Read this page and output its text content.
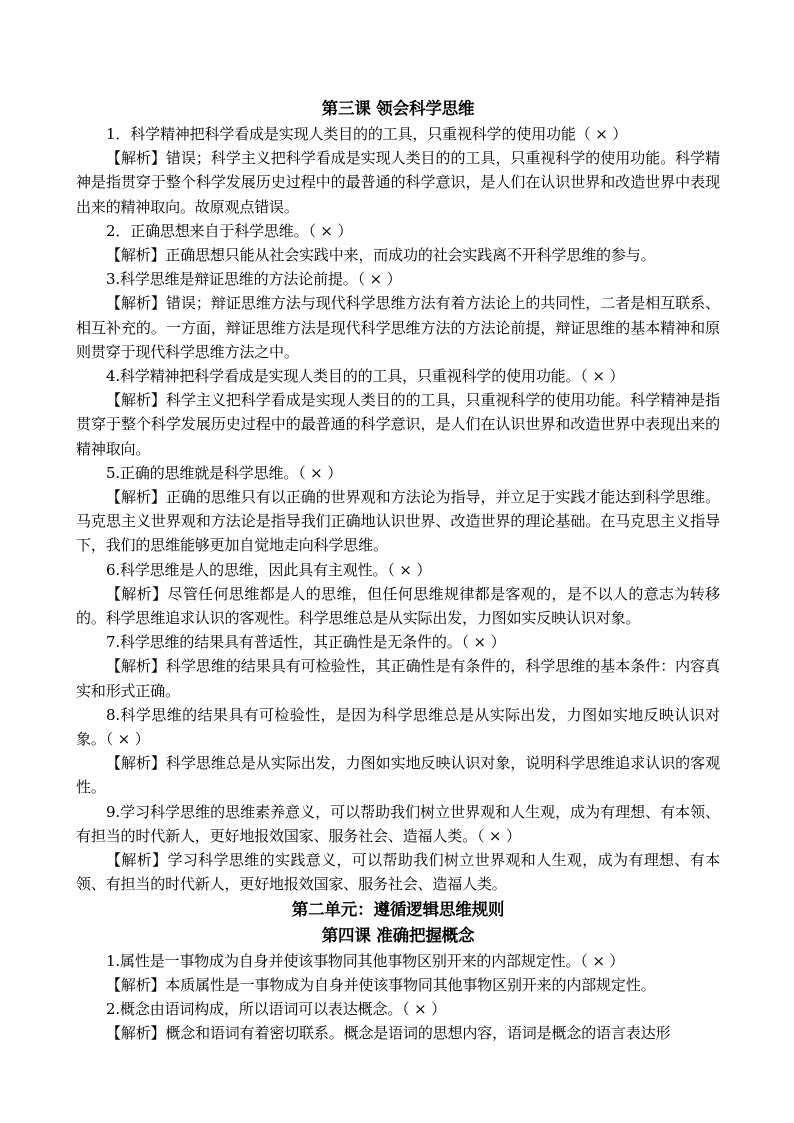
第三课 领会科学思维

1．科学精神把科学看成是实现人类目的的工具，只重视科学的使用功能（ × ）

【解析】错误；科学主义把科学看成是实现人类目的的工具，只重视科学的使用功能。科学精神是指贯穿于整个科学发展历史过程中的最普通的科学意识，是人们在认识世界和改造世界中表现出来的精神取向。故原观点错误。

2．正确思想来自于科学思维。（ × ）

【解析】正确思想只能从社会实践中来，而成功的社会实践离不开科学思维的参与。

3.科学思维是辩证思维的方法论前提。（ × ）

【解析】错误；辩证思维方法与现代科学思维方法有着方法论上的共同性，二者是相互联系、相互补充的。一方面，辩证思维方法是现代科学思维方法的方法论前提，辩证思维的基本精神和原则贯穿于现代科学思维方法之中。

4.科学精神把科学看成是实现人类目的的工具，只重视科学的使用功能。（ × ）

【解析】科学主义把科学看成是实现人类目的的工具，只重视科学的使用功能。科学精神是指贯穿于整个科学发展历史过程中的最普通的科学意识，是人们在认识世界和改造世界中表现出来的精神取向。

5.正确的思维就是科学思维。（ × ）

【解析】正确的思维只有以正确的世界观和方法论为指导，并立足于实践才能达到科学思维。马克思主义世界观和方法论是指导我们正确地认识世界、改造世界的理论基础。在马克思主义指导下，我们的思维能够更加自觉地走向科学思维。

6.科学思维是人的思维，因此具有主观性。（ × ）

【解析】尽管任何思维都是人的思维，但任何思维规律都是客观的，是不以人的意志为转移的。科学思维追求认识的客观性。科学思维总是从实际出发，力图如实反映认识对象。

7.科学思维的结果具有普适性，其正确性是无条件的。（ × ）

【解析】科学思维的结果具有可检验性，其正确性是有条件的，科学思维的基本条件：内容真实和形式正确。

8.科学思维的结果具有可检验性，是因为科学思维总是从实际出发，力图如实地反映认识对象。（ × ）

【解析】科学思维总是从实际出发，力图如实地反映认识对象，说明科学思维追求认识的客观性。

9.学习科学思维的思维素养意义，可以帮助我们树立世界观和人生观，成为有理想、有本领、有担当的时代新人，更好地报效国家、服务社会、造福人类。（ × ）

【解析】学习科学思维的实践意义，可以帮助我们树立世界观和人生观，成为有理想、有本领、有担当的时代新人，更好地报效国家、服务社会、造福人类。

第二单元：遵循逻辑思维规则
第四课 准确把握概念

1.属性是一事物成为自身并使该事物同其他事物区别开来的内部规定性。（ × ）

【解析】本质属性是一事物成为自身并使该事物同其他事物区别开来的内部规定性。

2.概念由语词构成，所以语词可以表达概念。（ × ）

【解析】概念和语词有着密切联系。概念是语词的思想内容，语词是概念的语言表达形
